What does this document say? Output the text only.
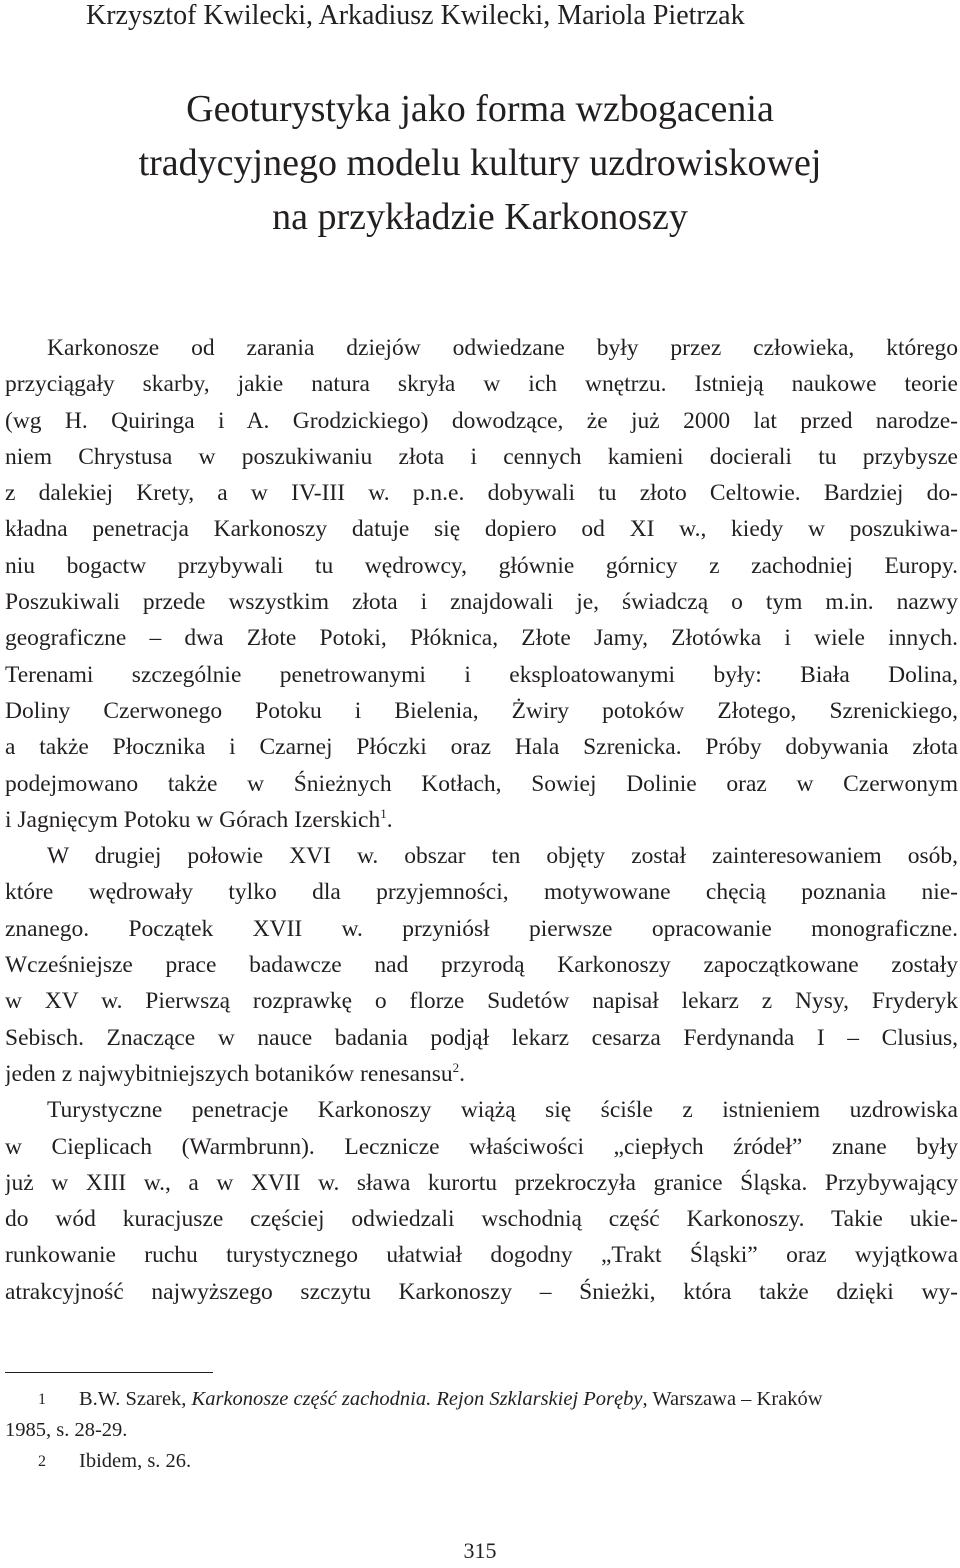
Krzysztof Kwilecki, Arkadiusz Kwilecki, Mariola Pietrzak
Geoturystyka jako forma wzbogacenia
tradycyjnego modelu kultury uzdrowiskowej
na przykładzie Karkonoszy
Karkonosze od zarania dziejów odwiedzane były przez człowieka, którego
przyciągały skarby, jakie natura skryła w ich wnętrzu. Istnieją naukowe teorie
(wg H. Quiringa i A. Grodzickiego) dowodzące, że już 2000 lat przed narodze-
niem Chrystusa w poszukiwaniu złota i cennych kamieni docierali tu przybysze
z dalekiej Krety, a w IV-III w. p.n.e. dobywali tu złoto Celtowie. Bardziej do-
kładna penetracja Karkonoszy datuje się dopiero od XI w., kiedy w poszukiwa-
niu bogactw przybywali tu wędrowcy, głównie górnicy z zachodniej Europy.
Poszukiwali przede wszystkim złota i znajdowali je, świadczą o tym m.in. nazwy
geograficzne – dwa Złote Potoki, Płóknica, Złote Jamy, Złotówka i wiele innych.
Terenami szczególnie penetrowanymi i eksploatowanymi były: Biała Dolina,
Doliny Czerwonego Potoku i Bielenia, Żwiry potoków Złotego, Szrenickiego,
a także Płocznika i Czarnej Płóczki oraz Hala Szrenicka. Próby dobywania złota
podejmowano także w Śnieżnych Kotłach, Sowiej Dolinie oraz w Czerwonym
i Jagnięcym Potoku w Górach Izerskich$^1$.
W drugiej połowie XVI w. obszar ten objęty został zainteresowaniem osób,
które wędrowały tylko dla przyjemności, motywowane chęcią poznania nie-
znanego. Początek XVII w. przyniósł pierwsze opracowanie monograficzne.
Wcześniejsze prace badawcze nad przyrodą Karkonoszy zapoczątkowane zostały
w XV w. Pierwszą rozprawkę o florze Sudetów napisał lekarz z Nysy, Fryderyk
Sebisch. Znaczące w nauce badania podjął lekarz cesarza Ferdynanda I – Clusius,
jeden z najwybitniejszych botaników renesansu$^2$.
Turystyczne penetracje Karkonoszy wiążą się ściśle z istnieniem uzdrowiska
w Cieplicach (Warmbrunn). Lecznicze właściwości „ciepłych źródeł” znane były
już w XIII w., a w XVII w. sława kurortu przekroczyła granice Śląska. Przybywający
do wód kuracjusze częściej odwiedzali wschodnią część Karkonoszy. Takie ukie-
runkowanie ruchu turystycznego ułatwiał dogodny „Trakt Śląski” oraz wyjątkowa
atrakcyjność najwyższego szczytu Karkonoszy – Śnieżki, która także dzięki wy-
1 B.W. Szarek, Karkonosze część zachodnia. Rejon Szklarskiej Poręby, Warszawa – Kraków
1985, s. 28-29.
2 Ibidem, s. 26.
315
